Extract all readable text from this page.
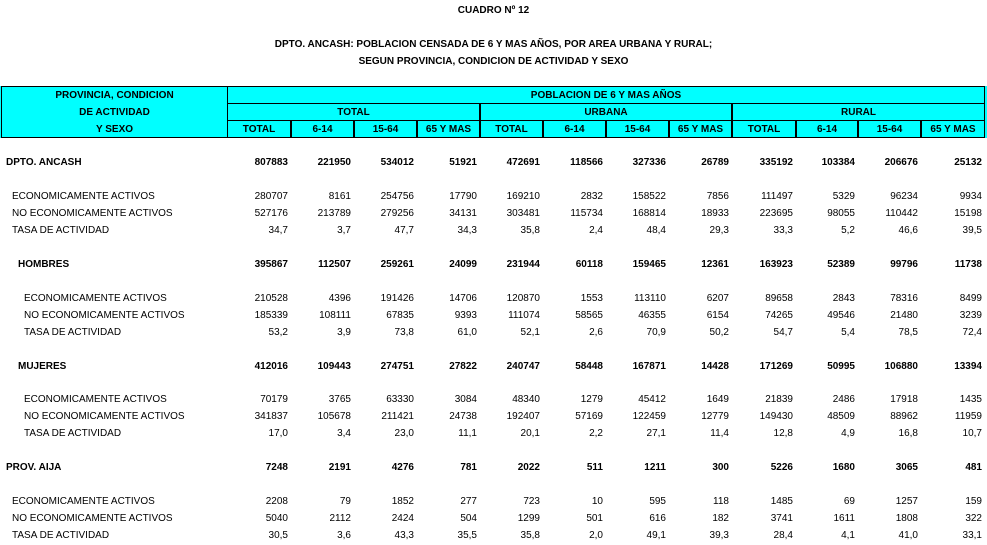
CUADRO Nº 12
DPTO. ANCASH: POBLACION CENSADA DE 6 Y MAS AÑOS, POR AREA URBANA Y RURAL;
SEGUN PROVINCIA, CONDICION DE ACTIVIDAD Y SEXO
PROVINCIA, CONDICION
DE ACTIVIDAD
Y SEXO
POBLACION DE 6 Y MAS AÑOS
TOTAL	URBANA	RURAL
TOTAL	6-14	15-64	65 Y MAS	TOTAL	6-14	15-64	65 Y MAS	TOTAL	6-14	15-64	65 Y MAS
DPTO. ANCASH	807883	221950	534012	51921	472691	118566	327336	26789	335192	103384	206676	25132
ECONOMICAMENTE ACTIVOS	280707	8161	254756	17790	169210	2832	158522	7856	111497	5329	96234	9934
NO ECONOMICAMENTE ACTIVOS	527176	213789	279256	34131	303481	115734	168814	18933	223695	98055	110442	15198
TASA DE ACTIVIDAD	34,7	3,7	47,7	34,3	35,8	2,4	48,4	29,3	33,3	5,2	46,6	39,5
HOMBRES	395867	112507	259261	24099	231944	60118	159465	12361	163923	52389	99796	11738
ECONOMICAMENTE ACTIVOS	210528	4396	191426	14706	120870	1553	113110	6207	89658	2843	78316	8499
NO ECONOMICAMENTE ACTIVOS	185339	108111	67835	9393	111074	58565	46355	6154	74265	49546	21480	3239
TASA DE ACTIVIDAD	53,2	3,9	73,8	61,0	52,1	2,6	70,9	50,2	54,7	5,4	78,5	72,4
MUJERES	412016	109443	274751	27822	240747	58448	167871	14428	171269	50995	106880	13394
ECONOMICAMENTE ACTIVOS	70179	3765	63330	3084	48340	1279	45412	1649	21839	2486	17918	1435
NO ECONOMICAMENTE ACTIVOS	341837	105678	211421	24738	192407	57169	122459	12779	149430	48509	88962	11959
TASA DE ACTIVIDAD	17,0	3,4	23,0	11,1	20,1	2,2	27,1	11,4	12,8	4,9	16,8	10,7
PROV. AIJA	7248	2191	4276	781	2022	511	1211	300	5226	1680	3065	481
ECONOMICAMENTE ACTIVOS	2208	79	1852	277	723	10	595	118	1485	69	1257	159
NO ECONOMICAMENTE ACTIVOS	5040	2112	2424	504	1299	501	616	182	3741	1611	1808	322
TASA DE ACTIVIDAD	30,5	3,6	43,3	35,5	35,8	2,0	49,1	39,3	28,4	4,1	41,0	33,1
